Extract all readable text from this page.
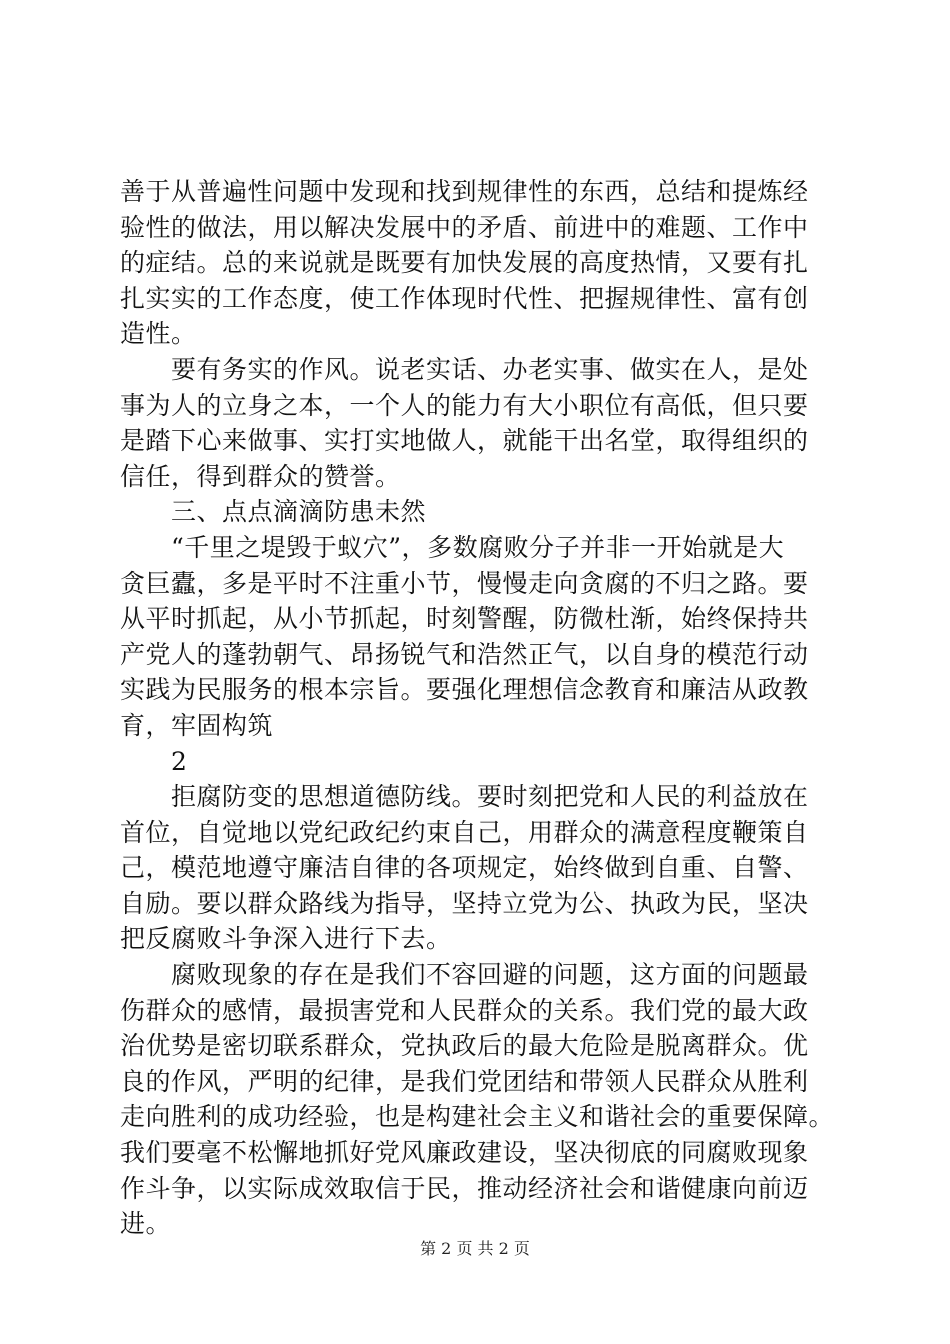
善于从普遍性问题中发现和找到规律性的东西，总结和提炼经
验性的做法，用以解决发展中的矛盾、前进中的难题、工作中
的症结。总的来说就是既要有加快发展的高度热情，又要有扎
扎实实的工作态度，使工作体现时代性、把握规律性、富有创
造性。
　　要有务实的作风。说老实话、办老实事、做实在人，是处
事为人的立身之本，一个人的能力有大小职位有高低，但只要
是踏下心来做事、实打实地做人，就能干出名堂，取得组织的
信任，得到群众的赞誉。
　　三、点点滴滴防患未然
　　“千里之堤毁于蚁穴”，多数腐败分子并非一开始就是大
贪巨蠹，多是平时不注重小节，慢慢走向贪腐的不归之路。要
从平时抓起，从小节抓起，时刻警醒，防微杜渐，始终保持共
产党人的蓬勃朝气、昂扬锐气和浩然正气，以自身的模范行动
实践为民服务的根本宗旨。要强化理想信念教育和廉洁从政教
育，牢固构筑
　　2
　　拒腐防变的思想道德防线。要时刻把党和人民的利益放在
首位，自觉地以党纪政纪约束自己，用群众的满意程度鞭策自
己，模范地遵守廉洁自律的各项规定，始终做到自重、自警、
自励。要以群众路线为指导，坚持立党为公、执政为民，坚决
把反腐败斗争深入进行下去。
　　腐败现象的存在是我们不容回避的问题，这方面的问题最
伤群众的感情，最损害党和人民群众的关系。我们党的最大政
治优势是密切联系群众，党执政后的最大危险是脱离群众。优
良的作风，严明的纪律，是我们党团结和带领人民群众从胜利
走向胜利的成功经验，也是构建社会主义和谐社会的重要保障。
我们要毫不松懈地抓好党风廉政建设，坚决彻底的同腐败现象
作斗争，以实际成效取信于民，推动经济社会和谐健康向前迈
进。
第 2 页 共 2 页
